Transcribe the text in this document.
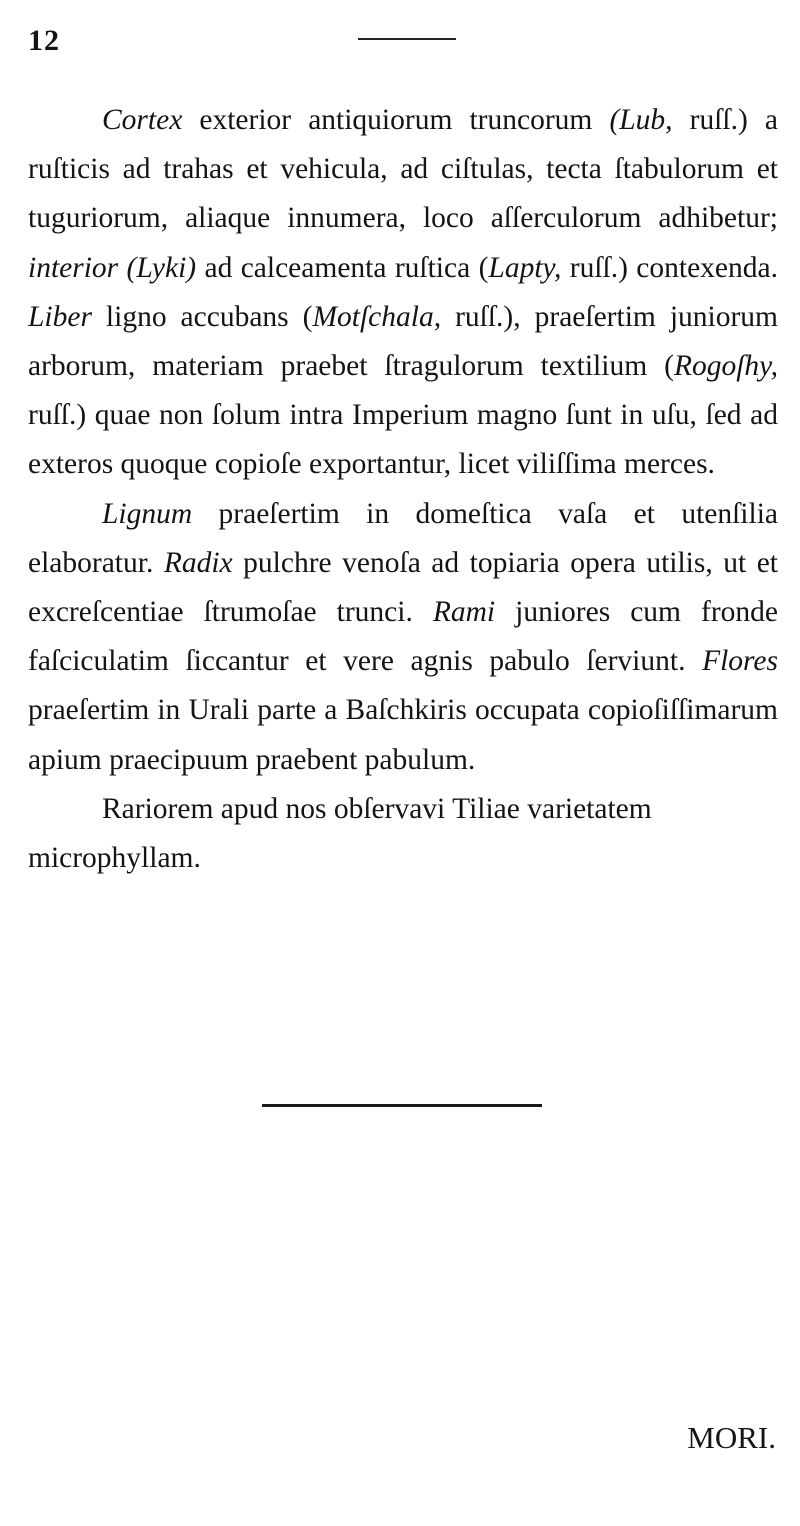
12

Cortex exterior antiquiorum truncorum (Lub, ruſſ.) a ruſticis ad trahas et vehicula, ad ciſtulas, tecta ſtabulorum et tuguriorum, aliaque innumera, loco aſſerculorum adhibetur; interior (Lyki) ad calceamenta ruſtica (Lapty, ruſſ.) contexenda. Liber ligno accubans (Motſchala, ruſſ.), praeſertim juniorum arborum, materiam praebet ſtragulorum textilium (Rogoſhy, ruſſ.) quae non ſolum intra Imperium magno ſunt in uſu, ſed ad exteros quoque copioſe exportantur, licet viliſſima merces.

Lignum praeſertim in domeſtica vaſa et utenſilia elaboratur. Radix pulchre venoſa ad topiaria opera utilis, ut et excreſcentiae ſtrumoſae trunci. Rami juniores cum fronde faſciculatim ſiccantur et vere agnis pabulo ſerviunt. Flores praeſertim in Urali parte a Baſchkiris occupata copioſiſſimarum apium praecipuum praebent pabulum.

Rariorem apud nos obſervavi Tiliae varietatem microphyllam.

MORI.
